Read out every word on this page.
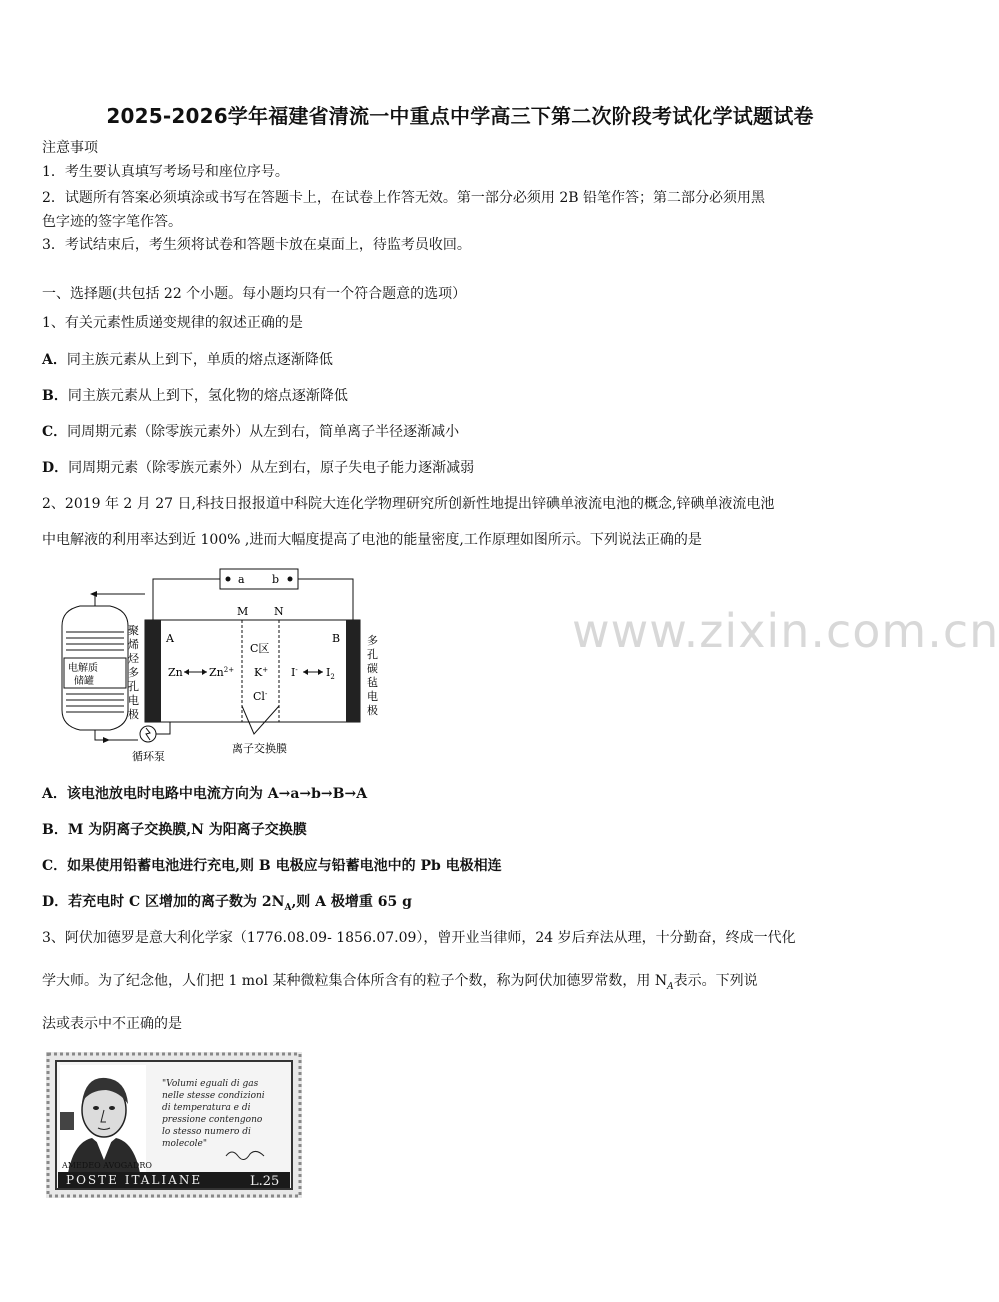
2025-2026学年福建省清流一中重点中学高三下第二次阶段考试化学试题试卷
注意事项
1．考生要认真填写考场号和座位序号。
2．试题所有答案必须填涂或书写在答题卡上，在试卷上作答无效。第一部分必须用 2B 铅笔作答；第二部分必须用黑
色字迹的签字笔作答。
3．考试结束后，考生须将试卷和答题卡放在桌面上，待监考员收回。
一、选择题(共包括 22 个小题。每小题均只有一个符合题意的选项）
1、有关元素性质递变规律的叙述正确的是
A．同主族元素从上到下，单质的熔点逐渐降低
B．同主族元素从上到下，氢化物的熔点逐渐降低
C．同周期元素（除零族元素外）从左到右，简单离子半径逐渐减小
D．同周期元素（除零族元素外）从左到右，原子失电子能力逐渐减弱
2、2019 年 2 月 27 日,科技日报报道中科院大连化学物理研究所创新性地提出锌碘单液流电池的概念,锌碘单液流电池
中电解液的利用率达到近 100% ,进而大幅度提高了电池的能量密度,工作原理如图所示。下列说法正确的是
www.zixin.com.cn
a b
M N
A	B
Zn $Zn^{2+}$
C区
K+
Cl-
I-	$I_2$
离子交换膜
电解质
储罐
循环泵
聚
烯
烃
多
孔
电
极
多
孔
碳
毡
电
极
A．该电池放电时电路中电流方向为 A→a→b→B→A
B．M 为阴离子交换膜,N 为阳离子交换膜
C．如果使用铅蓄电池进行充电,则 B 电极应与铅蓄电池中的 Pb 电极相连
D．若充电时 C 区增加的离子数为 $2N_A$,则 A 极增重 65 g
3、阿伏加德罗是意大利化学家（1776.08.09- 1856.07.09），曾开业当律师，24 岁后弃法从理，十分勤奋，终成一代化
学大师。为了纪念他，人们把 1 mol 某种微粒集合体所含有的粒子个数，称为阿伏加德罗常数，用 $N_A$表示。下列说
法或表示中不正确的是
"Volumi eguali di gas
nelle stesse condizioni
di temperatura e di
pressione contengono
lo stesso numero di
molecole"
AMEDEO AVOGADRO
POSTE ITALIANE	L.25
